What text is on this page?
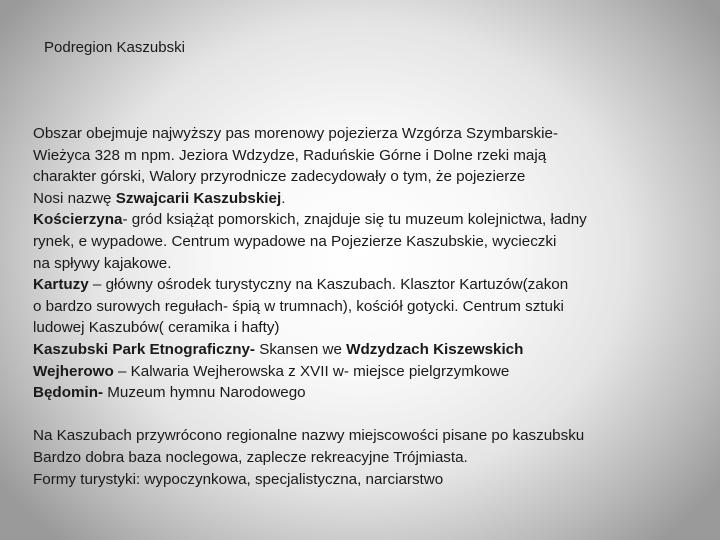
Podregion Kaszubski

Obszar obejmuje najwyższy pas morenowy pojezierza Wzgórza Szymbarskie-

Wieżyca 328 m npm. Jeziora Wdzydze, Raduńskie Górne i Dolne rzeki mają

charakter górski, Walory przyrodnicze zadecydowały o tym, że pojezierze

Nosi nazwę Szwajcarii Kaszubskiej.

Kościerzyna- gród książąt pomorskich, znajduje się tu muzeum kolejnictwa, ładny

rynek, e wypadowe. Centrum wypadowe na Pojezierze Kaszubskie, wycieczki

na spływy kajakowe.

Kartuzy – główny ośrodek turystyczny na Kaszubach. Klasztor Kartuzów(zakon

o bardzo surowych regułach- śpią w trumnach), kościół gotycki. Centrum sztuki

ludowej Kaszubów( ceramika i hafty)

Kaszubski Park Etnograficzny- Skansen we Wdzydzach Kiszewskich

Wejherowo – Kalwaria Wejherowska z XVII w- miejsce pielgrzymkowe

Będomin- Muzeum hymnu Narodowego

Na Kaszubach przywrócono regionalne nazwy miejscowości pisane po kaszubsku

Bardzo dobra baza noclegowa, zaplecze rekreacyjne Trójmiasta.

Formy turystyki: wypoczynkowa, specjalistyczna, narciarstwo
